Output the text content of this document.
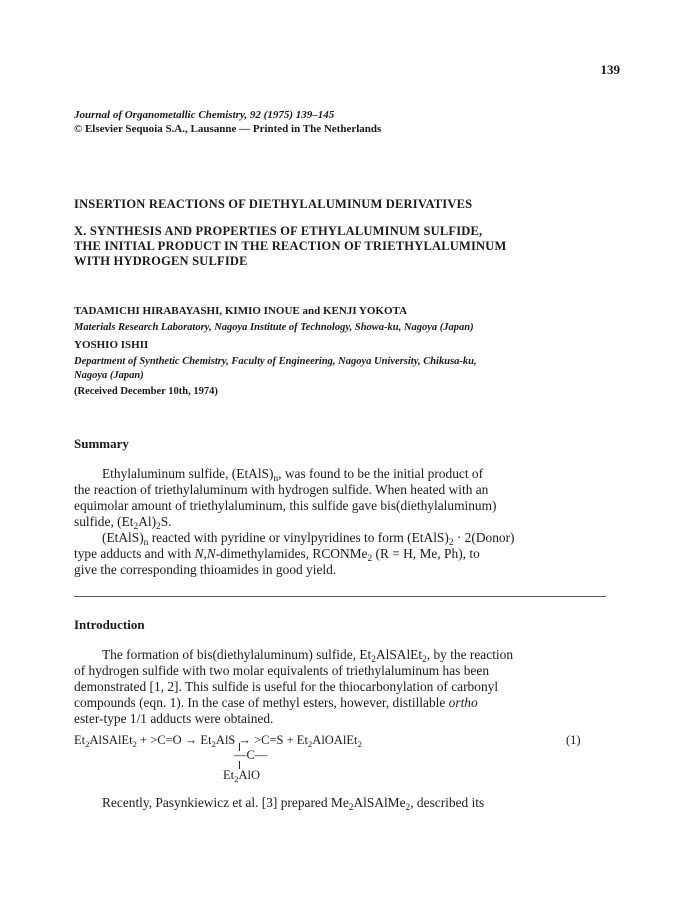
139
Journal of Organometallic Chemistry, 92 (1975) 139–145
© Elsevier Sequoia S.A., Lausanne — Printed in The Netherlands
INSERTION REACTIONS OF DIETHYLALUMINUM DERIVATIVES
X. SYNTHESIS AND PROPERTIES OF ETHYLALUMINUM SULFIDE,
THE INITIAL PRODUCT IN THE REACTION OF TRIETHYLALUMINUM
WITH HYDROGEN SULFIDE
TADAMICHI HIRABAYASHI, KIMIO INOUE and KENJI YOKOTA
Materials Research Laboratory, Nagoya Institute of Technology, Showa-ku, Nagoya (Japan)
YOSHIO ISHII
Department of Synthetic Chemistry, Faculty of Engineering, Nagoya University, Chikusa-ku,
Nagoya (Japan)
(Received December 10th, 1974)
Summary
Ethylaluminum sulfide, $(EtAlS)_n$, was found to be the initial product of
the reaction of triethylaluminum with hydrogen sulfide. When heated with an
equimolar amount of triethylaluminum, this sulfide gave bis(diethylaluminum)
sulfide, $(Et_2Al)_2S$.
$(EtAlS)_n$ reacted with pyridine or vinylpyridines to form $(EtAlS)_2$ · 2(Donor)
type adducts and with N,N-dimethylamides, RCONMe$_2$ (R = H, Me, Ph), to
give the corresponding thioamides in good yield.
Introduction
The formation of bis(diethylaluminum) sulfide, $Et_2AlSAlEt_2$, by the reaction
of hydrogen sulfide with two molar equivalents of triethylaluminum has been
demonstrated [1, 2]. This sulfide is useful for the thiocarbonylation of carbonyl
compounds (eqn. 1). In the case of methyl esters, however, distillable ortho
ester-type 1/1 adducts were obtained.
$Et_2AlSAlEt_2 + >C=O \to Et_2AlS \to >C=S$ + $Et_2AlOAlEt_2$	(1)
—C—
$Et_2AlO$
Recently, Pasynkiewicz et al. [3] prepared $Me_2AlSAlMe_2$, described its
